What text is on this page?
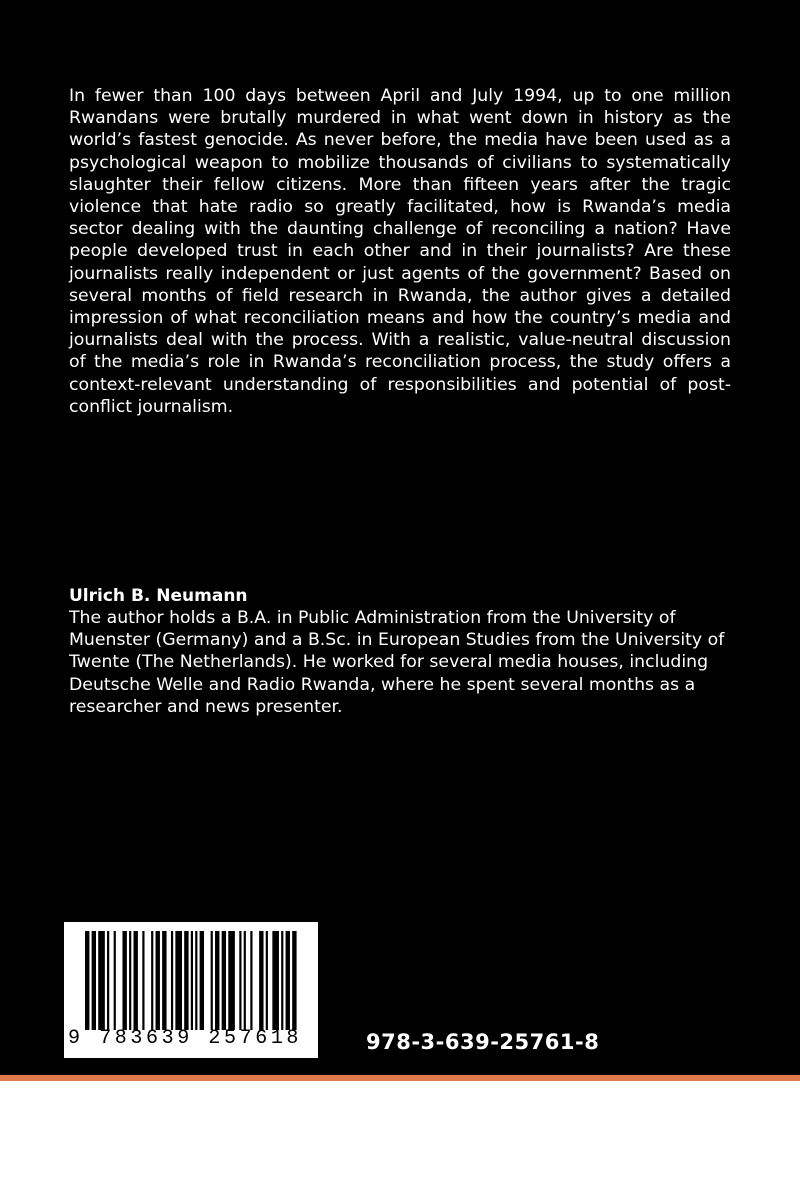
In fewer than 100 days between April and July 1994, up to one million Rwandans were brutally murdered in what went down in history as the world’s fastest genocide. As never before, the media have been used as a psychological weapon to mobilize thousands of civilians to systematically slaughter their fellow citizens. More than fifteen years after the tragic violence that hate radio so greatly facilitated, how is Rwanda’s media sector dealing with the daunting challenge of reconciling a nation? Have people developed trust in each other and in their journalists? Are these journalists really independent or just agents of the government? Based on several months of field research in Rwanda, the author gives a detailed impression of what reconciliation means and how the country’s media and journalists deal with the process. With a realistic, value-neutral discussion of the media’s role in Rwanda’s reconciliation process, the study offers a context-relevant understanding of responsibilities and potential of post-conflict journalism.

Ulrich B. Neumann

The author holds a B.A. in Public Administration from the University of Muenster (Germany) and a B.Sc. in European Studies from the University of Twente (The Netherlands). He worked for several media houses, including Deutsche Welle and Radio Rwanda, where he spent several months as a researcher and news presenter.

9 783639 257618	978-3-639-25761-8
